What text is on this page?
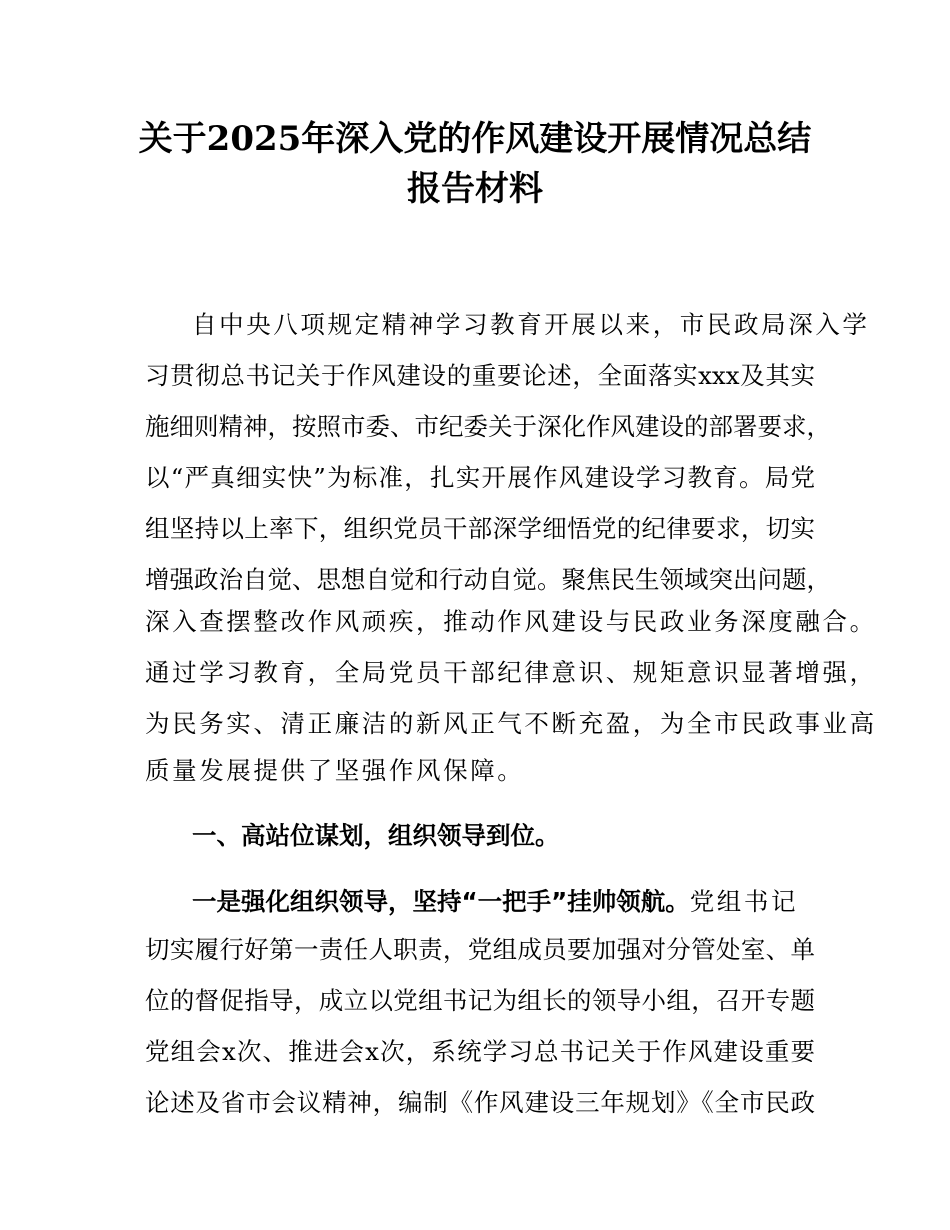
关于2025年深入党的作风建设开展情况总结
报告材料
自中央八项规定精神学习教育开展以来，市民政局深入学
习贯彻总书记关于作风建设的重要论述，全面落实xxx及其实
施细则精神，按照市委、市纪委关于深化作风建设的部署要求，
以“严真细实快”为标准，扎实开展作风建设学习教育。局党
组坚持以上率下，组织党员干部深学细悟党的纪律要求，切实
增强政治自觉、思想自觉和行动自觉。聚焦民生领域突出问题，
深入查摆整改作风顽疾，推动作风建设与民政业务深度融合。
通过学习教育，全局党员干部纪律意识、规矩意识显著增强，
为民务实、清正廉洁的新风正气不断充盈，为全市民政事业高
质量发展提供了坚强作风保障。
一、高站位谋划，组织领导到位。
一是强化组织领导，坚持“一把手”挂帅领航。党组书记
切实履行好第一责任人职责，党组成员要加强对分管处室、单
位的督促指导，成立以党组书记为组长的领导小组，召开专题
党组会x次、推进会x次，系统学习总书记关于作风建设重要
论述及省市会议精神，编制《作风建设三年规划》《全市民政
